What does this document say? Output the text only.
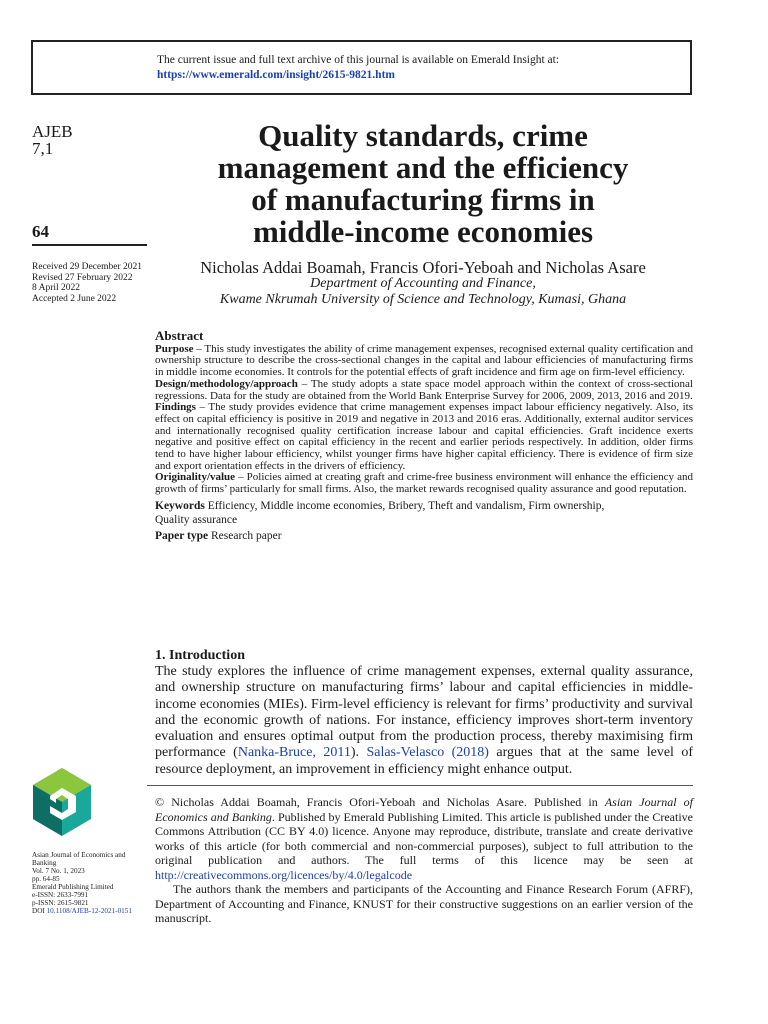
The current issue and full text archive of this journal is available on Emerald Insight at:
https://www.emerald.com/insight/2615-9821.htm
AJEB
7,1
64
Received 29 December 2021
Revised 27 February 2022
8 April 2022
Accepted 2 June 2022
Quality standards, crime
management and the efficiency
of manufacturing firms in
middle-income economies
Nicholas Addai Boamah, Francis Ofori-Yeboah and Nicholas Asare
Department of Accounting and Finance,
Kwame Nkrumah University of Science and Technology, Kumasi, Ghana
Abstract

Purpose – This study investigates the ability of crime management expenses, recognised external quality certification and ownership structure to describe the cross-sectional changes in the capital and labour efficiencies of manufacturing firms in middle income economies. It controls for the potential effects of graft incidence and firm age on firm-level efficiency.

Design/methodology/approach – The study adopts a state space model approach within the context of cross-sectional regressions. Data for the study are obtained from the World Bank Enterprise Survey for 2006, 2009, 2013, 2016 and 2019.

Findings – The study provides evidence that crime management expenses impact labour efficiency negatively. Also, its effect on capital efficiency is positive in 2019 and negative in 2013 and 2016 eras. Additionally, external auditor services and internationally recognised quality certification increase labour and capital efficiencies. Graft incidence exerts negative and positive effect on capital efficiency in the recent and earlier periods respectively. In addition, older firms tend to have higher labour efficiency, whilst younger firms have higher capital efficiency. There is evidence of firm size and export orientation effects in the drivers of efficiency.

Originality/value – Policies aimed at creating graft and crime-free business environment will enhance the efficiency and growth of firms’ particularly for small firms. Also, the market rewards recognised quality assurance and good reputation.

Keywords Efficiency, Middle income economies, Bribery, Theft and vandalism, Firm ownership,
Quality assurance

Paper type Research paper

1. Introduction

The study explores the influence of crime management expenses, external quality assurance, and ownership structure on manufacturing firms’ labour and capital efficiencies in middle-income economies (MIEs). Firm-level efficiency is relevant for firms’ productivity and survival and the economic growth of nations. For instance, efficiency improves short-term inventory evaluation and ensures optimal output from the production process, thereby maximising firm performance (Nanka-Bruce, 2011). Salas-Velasco (2018) argues that at the same level of resource deployment, an improvement in efficiency might enhance output.

Asian Journal of Economics and Banking
Vol. 7 No. 1, 2023
pp. 64-85
Emerald Publishing Limited
e-ISSN: 2633-7991
p-ISSN: 2615-9821
DOI 10.1108/AJEB-12-2021-0151

© Nicholas Addai Boamah, Francis Ofori-Yeboah and Nicholas Asare. Published in Asian Journal of Economics and Banking. Published by Emerald Publishing Limited. This article is published under the Creative Commons Attribution (CC BY 4.0) licence. Anyone may reproduce, distribute, translate and create derivative works of this article (for both commercial and non-commercial purposes), subject to full attribution to the original publication and authors. The full terms of this licence may be seen at http://creativecommons.org/licences/by/4.0/legalcode

The authors thank the members and participants of the Accounting and Finance Research Forum (AFRF), Department of Accounting and Finance, KNUST for their constructive suggestions on an earlier version of the manuscript.
